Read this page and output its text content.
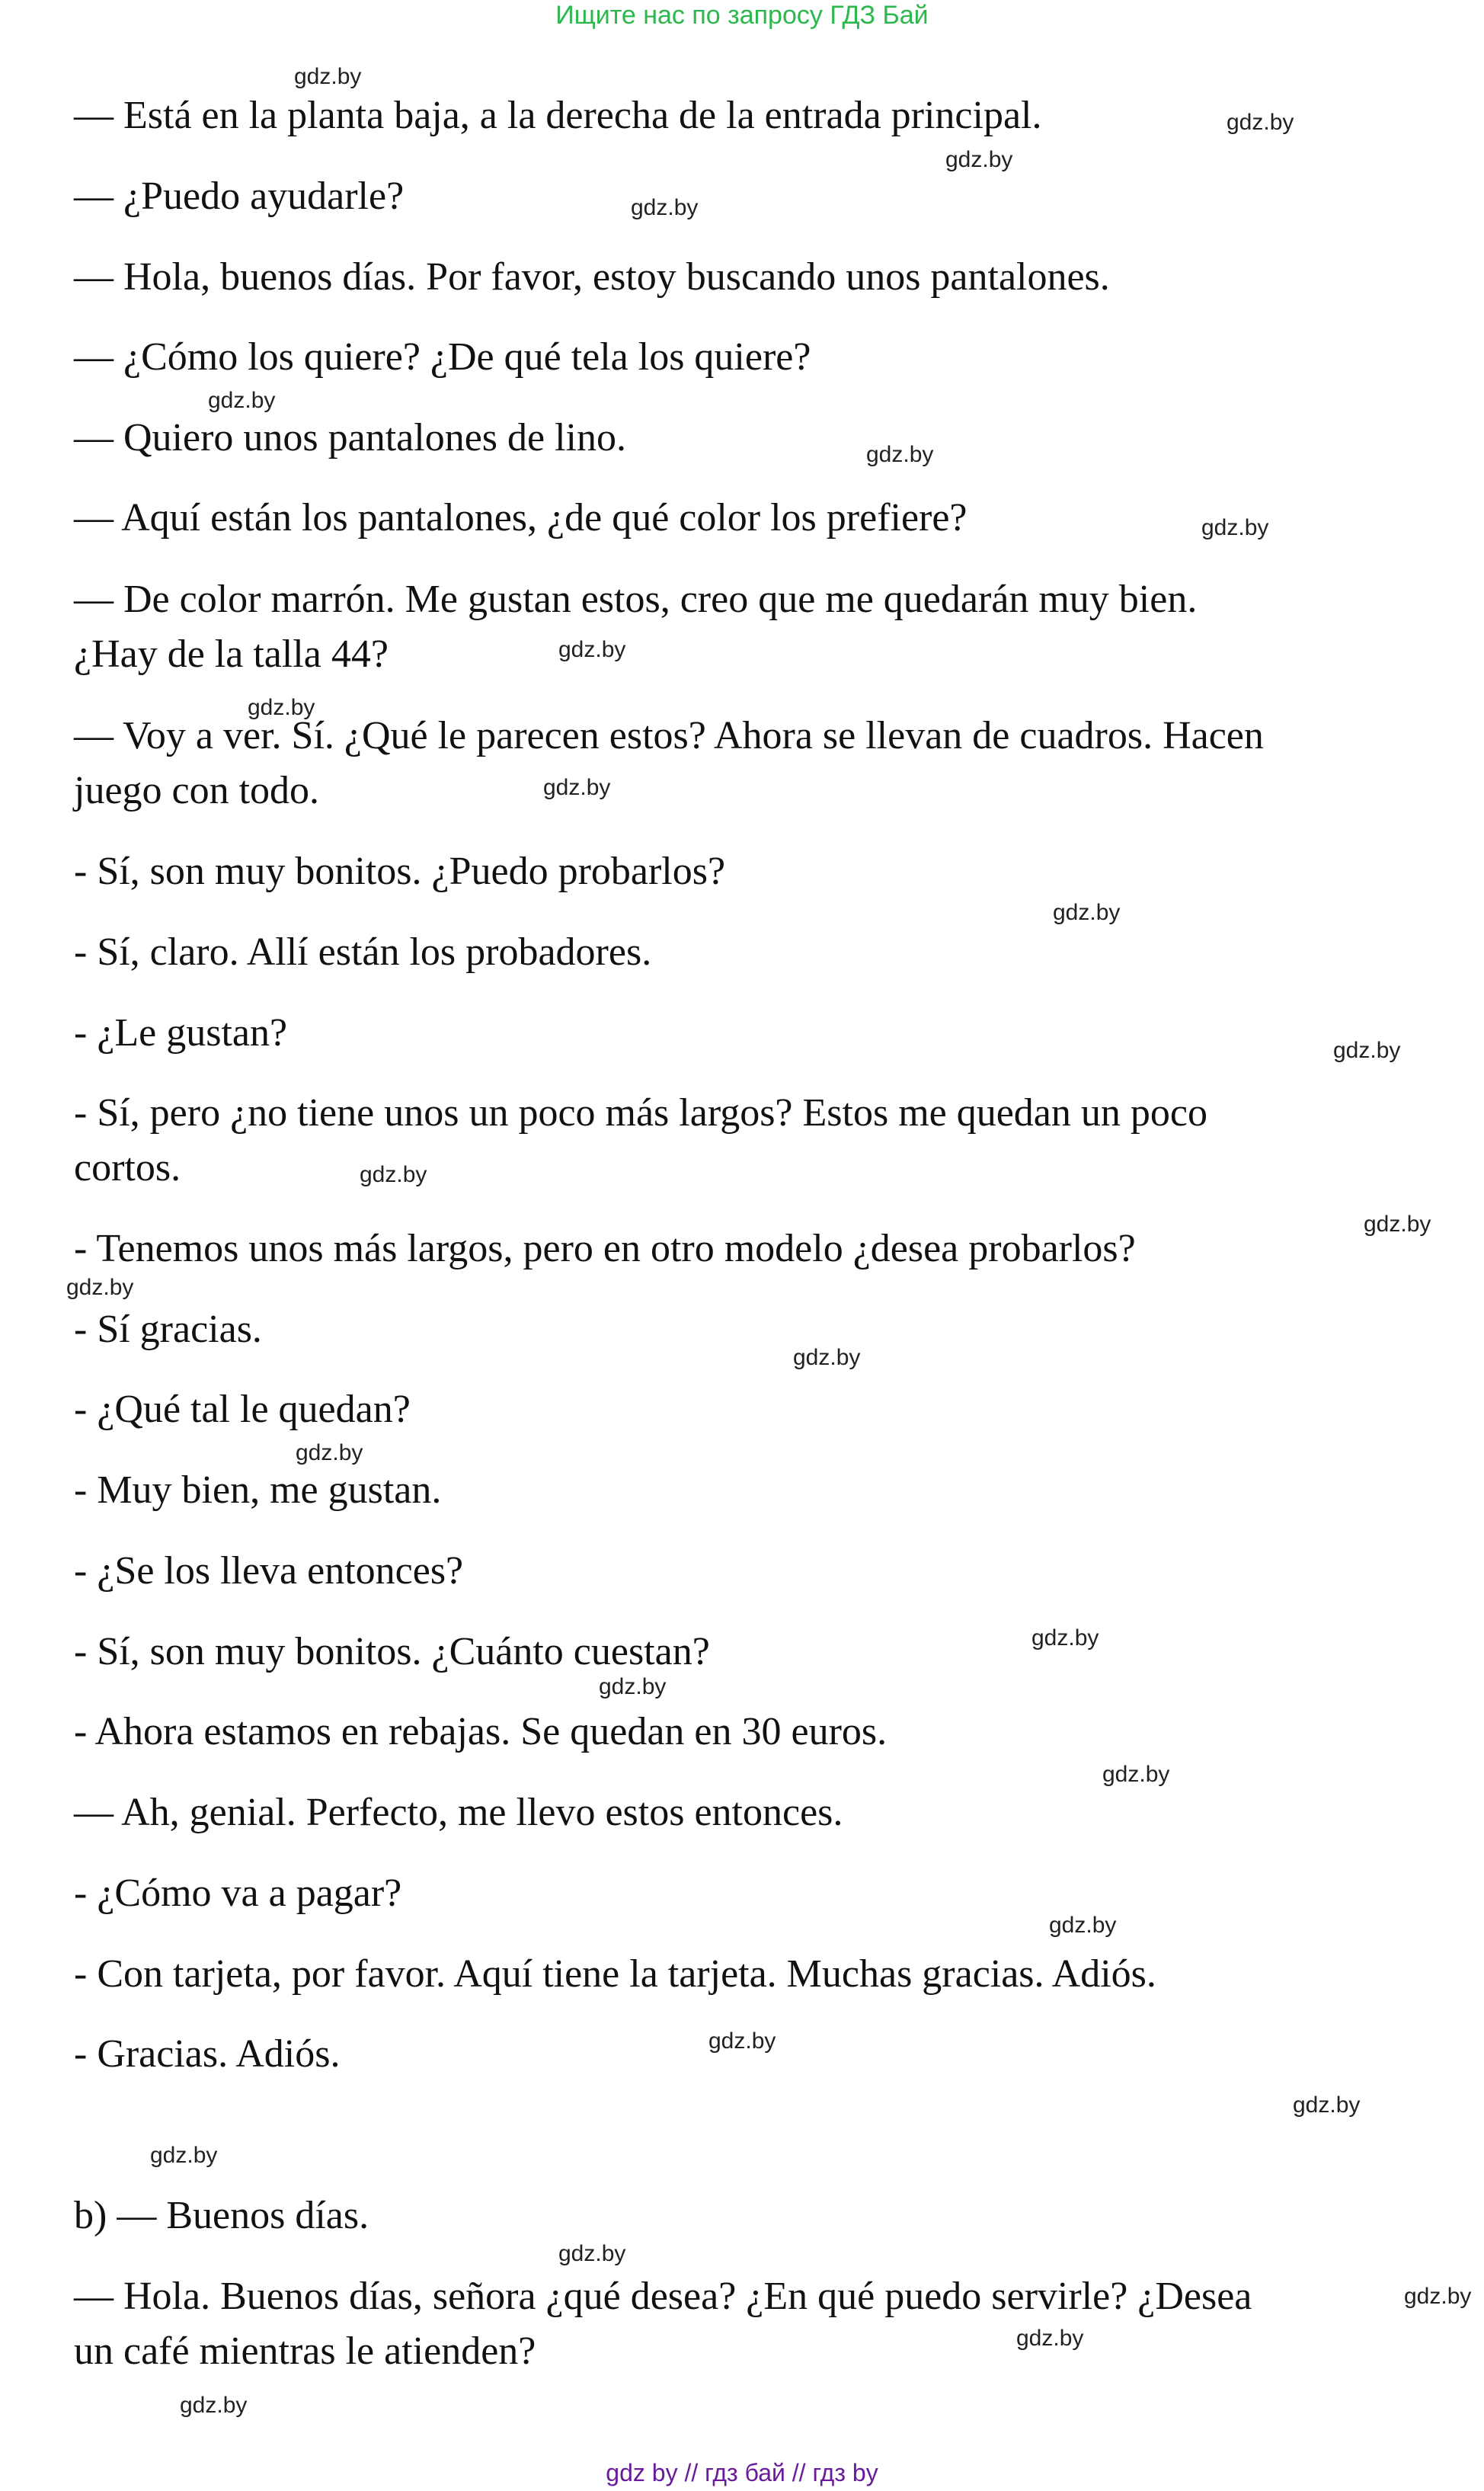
Ищите нас по запросу ГДЗ Бай
— Está en la planta baja, a la derecha de la entrada principal.
— ¿Puedo ayudarle?
— Hola, buenos días. Por favor, estoy buscando unos pantalones.
— ¿Cómo los quiere? ¿De qué tela los quiere?
— Quiero unos pantalones de lino.
— Aquí están los pantalones, ¿de qué color los prefiere?
— De color marrón. Me gustan estos, creo que me quedarán muy bien.
¿Hay de la talla 44?
— Voy a ver. Sí. ¿Qué le parecen estos? Ahora se llevan de cuadros. Hacen
juego con todo.
- Sí, son muy bonitos. ¿Puedo probarlos?
- Sí, claro. Allí están los probadores.
- ¿Le gustan?
- Sí, pero ¿no tiene unos un poco más largos? Estos me quedan un poco
cortos.
- Tenemos unos más largos, pero en otro modelo ¿desea probarlos?
- Sí gracias.
- ¿Qué tal le quedan?
- Muy bien, me gustan.
- ¿Se los lleva entonces?
- Sí, son muy bonitos. ¿Cuánto cuestan?
- Ahora estamos en rebajas. Se quedan en 30 euros.
— Ah, genial. Perfecto, me llevo estos entonces.
- ¿Cómo va a pagar?
- Con tarjeta, por favor. Aquí tiene la tarjeta. Muchas gracias. Adiós.
- Gracias. Adiós.
b) — Buenos días.
— Hola. Buenos días, señora ¿qué desea? ¿En qué puedo servirle? ¿Desea
un café mientras le atienden?
gdz.by
gdz.by
gdz.by
gdz.by
gdz.by
gdz.by
gdz.by
gdz.by
gdz.by
gdz.by
gdz.by
gdz.by
gdz.by
gdz.by
gdz.by
gdz.by
gdz.by
gdz.by
gdz.by
gdz.by
gdz.by
gdz.by
gdz.by
gdz.by
gdz.by
gdz.by
gdz.by
gdz.by
gdz by // гдз бай // гдз by
